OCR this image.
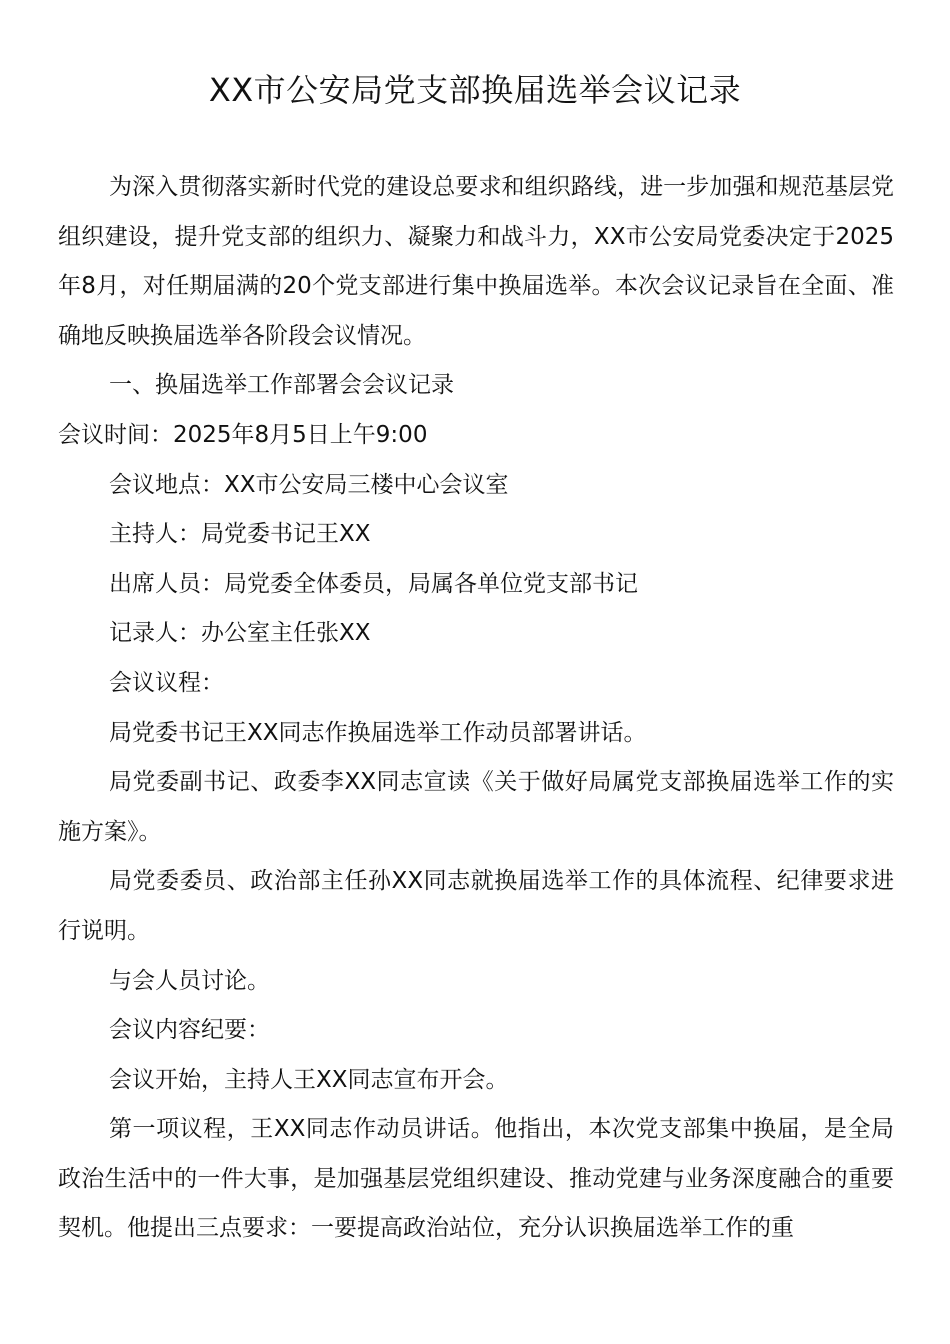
XX市公安局党支部换届选举会议记录

为深入贯彻落实新时代党的建设总要求和组织路线，进一步加强和规范基层党组织建设，提升党支部的组织力、凝聚力和战斗力，XX市公安局党委决定于2025年8月，对任期届满的20个党支部进行集中换届选举。本次会议记录旨在全面、准确地反映换届选举各阶段会议情况。

一、换届选举工作部署会会议记录

会议时间：2025年8月5日上午9:00

会议地点：XX市公安局三楼中心会议室

主持人：局党委书记王XX

出席人员：局党委全体委员，局属各单位党支部书记

记录人：办公室主任张XX

会议议程：

局党委书记王XX同志作换届选举工作动员部署讲话。

局党委副书记、政委李XX同志宣读《关于做好局属党支部换届选举工作的实施方案》。

局党委委员、政治部主任孙XX同志就换届选举工作的具体流程、纪律要求进行说明。

与会人员讨论。

会议内容纪要：

会议开始，主持人王XX同志宣布开会。

第一项议程，王XX同志作动员讲话。他指出，本次党支部集中换届，是全局政治生活中的一件大事，是加强基层党组织建设、推动党建与业务深度融合的重要契机。他提出三点要求：一要提高政治站位，充分认识换届选举工作的重
